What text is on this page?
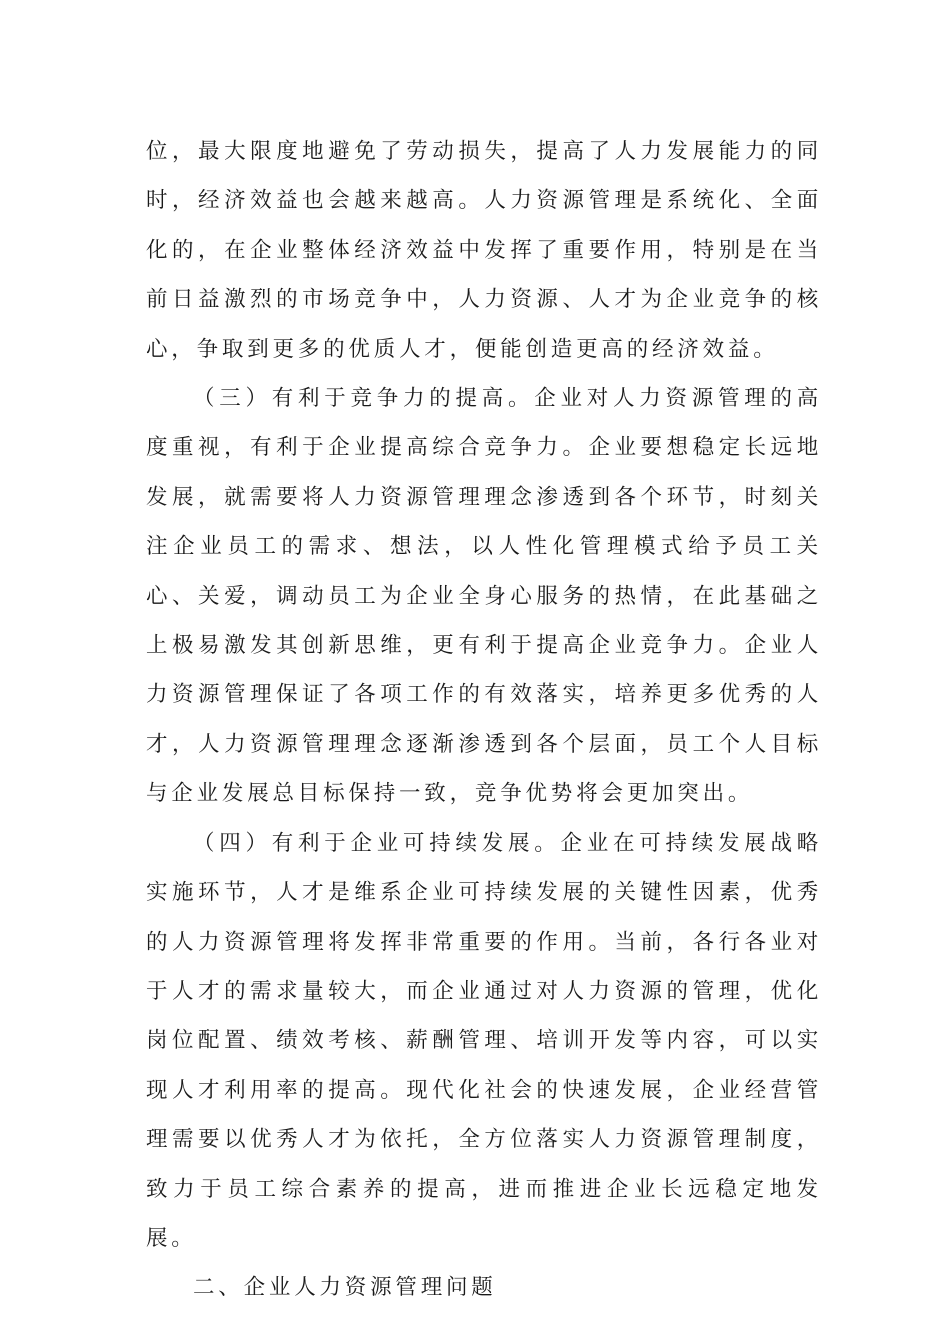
位，最大限度地避免了劳动损失，提高了人力发展能力的同时，经济效益也会越来越高。人力资源管理是系统化、全面化的，在企业整体经济效益中发挥了重要作用，特别是在当前日益激烈的市场竞争中，人力资源、人才为企业竞争的核心，争取到更多的优质人才，便能创造更高的经济效益。

（三）有利于竞争力的提高。企业对人力资源管理的高度重视，有利于企业提高综合竞争力。企业要想稳定长远地发展，就需要将人力资源管理理念渗透到各个环节，时刻关注企业员工的需求、想法，以人性化管理模式给予员工关心、关爱，调动员工为企业全身心服务的热情，在此基础之上极易激发其创新思维，更有利于提高企业竞争力。企业人力资源管理保证了各项工作的有效落实，培养更多优秀的人才，人力资源管理理念逐渐渗透到各个层面，员工个人目标与企业发展总目标保持一致，竞争优势将会更加突出。

（四）有利于企业可持续发展。企业在可持续发展战略实施环节，人才是维系企业可持续发展的关键性因素，优秀的人力资源管理将发挥非常重要的作用。当前，各行各业对于人才的需求量较大，而企业通过对人力资源的管理，优化岗位配置、绩效考核、薪酬管理、培训开发等内容，可以实现人才利用率的提高。现代化社会的快速发展，企业经营管理需要以优秀人才为依托，全方位落实人力资源管理制度，致力于员工综合素养的提高，进而推进企业长远稳定地发展。

二、企业人力资源管理问题
